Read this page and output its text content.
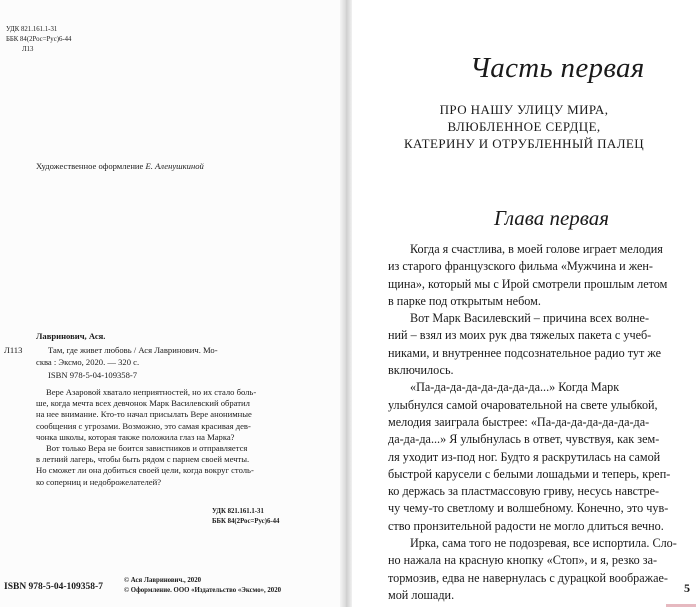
УДК 821.161.1-31
ББК 84(2Рос=Рус)6-44
Л13
Художественное оформление Е. Аленушкиной
Лавринович, Ася.
Л113	Там, где живет любовь / Ася Лавринович. Мо-
сква : Эксмо, 2020. — 320 с.
ISBN 978-5-04-109358-7
Вере Азаровой хватало неприятностей, но их стало боль-
ше, когда мечта всех девчонок Марк Василевский обратил
на нее внимание. Кто-то начал присылать Вере анонимные
сообщения с угрозами. Возможно, это самая красивая дев-
чонка школы, которая также положила глаз на Марка?
Вот только Вера не боится завистников и отправляется
в летний лагерь, чтобы быть рядом с парнем своей мечты.
Но сможет ли она добиться своей цели, когда вокруг столь-
ко соперниц и недоброжелателей?
УДК 821.161.1-31
ББК 84(2Рос=Рус)6-44
ISBN 978-5-04-109358-7
© Ася Лавринович., 2020
© Оформление. ООО «Издательство «Эксмо», 2020
Часть первая
ПРО НАШУ УЛИЦУ МИРА,
ВЛЮБЛЕННОЕ СЕРДЦЕ,
КАТЕРИНУ И ОТРУБЛЕННЫЙ ПАЛЕЦ
Глава первая
Когда я счастлива, в моей голове играет мелодия
из старого французского фильма «Мужчина и жен-
щина», который мы с Ирой смотрели прошлым летом
в парке под открытым небом.
Вот Марк Василевский – причина всех волне-
ний – взял из моих рук два тяжелых пакета с учеб-
никами, и внутреннее подсознательное радио тут же
включилось.
«Па-да-да-да-да-да-да-да...» Когда Марк
улыбнулся самой очаровательной на свете улыбкой,
мелодия заиграла быстрее: «Па-да-да-да-да-да-да-
да-да-да...» Я улыбнулась в ответ, чувствуя, как зем-
ля уходит из-под ног. Будто я раскрутилась на самой
быстрой карусели с белыми лошадьми и теперь, креп-
ко держась за пластмассовую гриву, несусь навстре-
чу чему-то светлому и волшебному. Конечно, это чув-
ство пронзительной радости не могло длиться вечно.
Ирка, сама того не подозревая, все испортила. Сло-
но нажала на красную кнопку «Стоп», и я, резко за-
тормозив, едва не навернулась с дурацкой воображае-
мой лошади.	5
